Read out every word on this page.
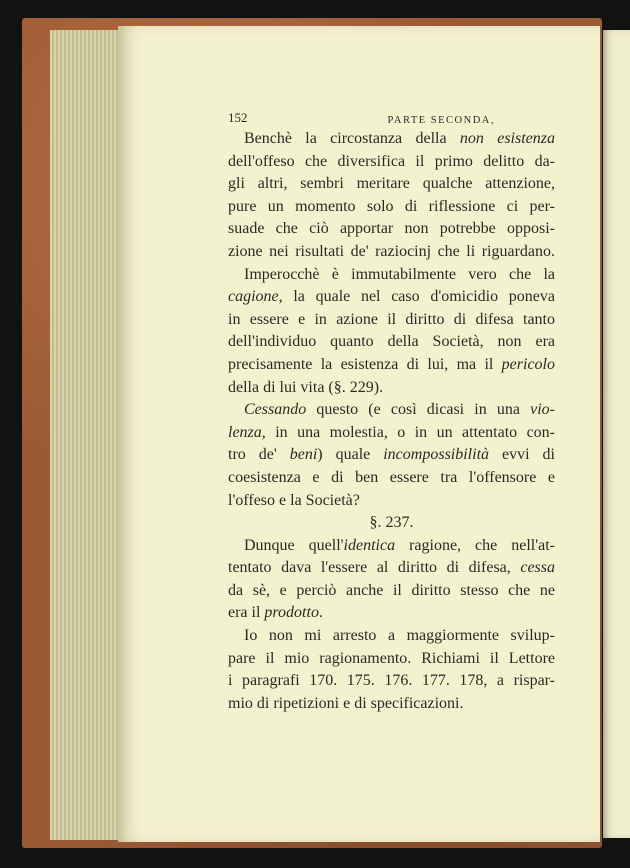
152	PARTE SECONDA,
Benchè la circostanza della non esistenza
dell'offeso che diversifica il primo delitto da-
gli altri, sembri meritare qualche attenzione,
pure un momento solo di riflessione ci per-
suade che ciò apportar non potrebbe opposi-
zione nei risultati de' raziocinj che li riguardano.
Imperocchè è immutabilmente vero che la
cagione, la quale nel caso d'omicidio poneva
in essere e in azione il diritto di difesa tanto
dell'individuo quanto della Società, non era
precisamente la esistenza di lui, ma il pericolo
della di lui vita (§. 229).
Cessando questo (e così dicasi in una vio-
lenza, in una molestia, o in un attentato con-
tro de' beni) quale incompossibilità evvi di
coesistenza e di ben essere tra l'offensore e
l'offeso e la Società?
§. 237.
Dunque quell'identica ragione, che nell'at-
tentato dava l'essere al diritto di difesa, cessa
da sè, e perciò anche il diritto stesso che ne
era il prodotto.
Io non mi arresto a maggiormente svilup-
pare il mio ragionamento. Richiami il Lettore
i paragrafi 170. 175. 176. 177. 178, a rispar-
mio di ripetizioni e di specificazioni.
